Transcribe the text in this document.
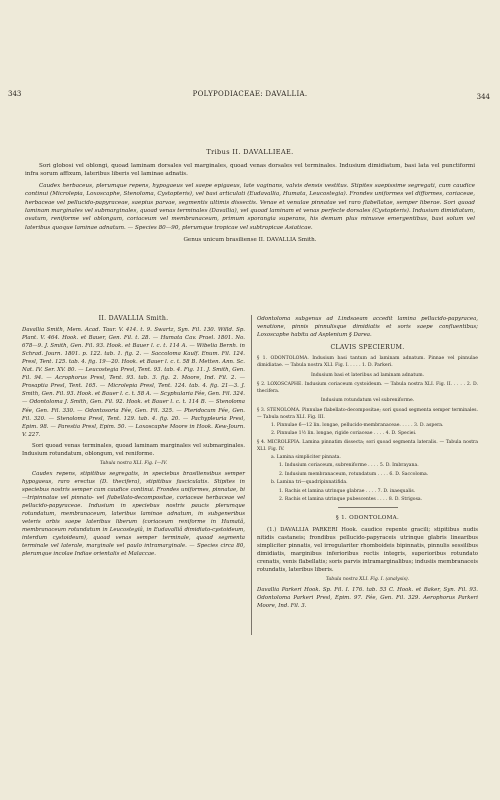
343	POLYPODIACEAE: DAVALLIA.	344
Tribus II. DAVALLIEAE.

Sori globosi vel oblongi, quoad laminam dorsales vel marginales, quoad venas dorsales vel terminales. Indusium dimidiatum, basi lata vel punctiformi infra sorum affixum, lateribus liberis vel laminae adnatis.

Caudex herbaceus, plerumque repens, hypogaeus vel saepe epigaeus, late vaginans, valvis densis vestitus. Stipites saepissime segregati, cum caudice continui (Microlepia, Loxoscaphe, Stenoloma, Cystopteris), vel basi articulati (Eudavallia, Humata, Leucostegia). Frondes uniformes vel difformes, coriaceae, herbaceae vel pellucido-papyraceae, saepius parvae, segmentis ultimis dissectis. Venae et venulae pinnatae vel raro flabellatae, semper liberae. Sori quoad laminam marginales vel submarginales, quoad venas terminales (Davallia), vel quoad laminam et venas perfecte dorsales (Cystopteris). Indusium dimidiatum, ovatum, reniforme vel oblongum, coriaceum vel membranaceum, primum sporangia superans, his demum plus minusve emergentibus, basi solum vel lateribus quoque laminae adnatum. — Species 80—90, plerumque tropicae vel subtropicae Asiaticae.

Genus unicum brasiliense II. DAVALLIA Smith.

II. DAVALLIA Smith.

Davallia Smith, Mem. Acad. Taur. V. 414. t. 9. Swartz, Syn. Fil. 130. Willd. Sp. Plant. V. 464. Hook. et Bauer, Gen. Fil. t. 28. — Humata Cav. Prael. 1801. No. 678—9. J. Smith, Gen. Fil. 93. Hook. et Bauer l. c. t. 114 A. — Wibelia Bernh. in Schrad. Journ. 1801. p. 122. tab. 1. fig. 2. — Saccoloma Kaulf. Enum. Fil. 124. Presl, Tent. 125. tab. 4. fig. 19—20. Hook. et Bauer l. c. t. 58 B. Metten. Ann. Sc. Nat. IV. Ser. XV. 80. — Leucostegia Presl, Tent. 93. tab. 4. Fig. 11. J. Smith, Gen. Fil. 94. — Acrophorus Presl, Tent. 93. tab. 3. fig. 2. Moore, Ind. Fil. 2. — Prosaptia Presl, Tent. 165. — Microlepia Presl, Tent. 124. tab. 4. fig. 21—3. J. Smith, Gen. Fil. 93. Hook. et Bauer l. c. t. 58 A. — Scyphularia Fée, Gen. Fil. 324. — Odontoloma J. Smith, Gen. Fil. 92. Hook. et Bauer l. c. t. 114 B. — Stenoloma Fée, Gen. Fil. 330. — Odontosoria Fée, Gen. Fil. 325. — Pteridocum Fée, Gen. Fil. 320. — Stenoloma Presl, Tent. 129. tab. 4. fig. 20. — Pachypleuria Presl, Epim. 98. — Parestia Presl, Epim. 50. — Loxoscaphe Moore in Hook. Kew-Journ. V. 227.

Sori quoad venas terminales, quoad laminam marginales vel submarginales. Indusium rotundatum, oblongum, vel reniforme.

Tabula nostra XLI. Fig. I—IV.

Caudex repens, stipitibus segregatis, in speciebus brasiliensibus semper hypogaeus, raro erectus (D. thecifera), stipitibus fasciculatis. Stipites in speciebus nostris semper cum caudice continui. Frondes uniformes, pinnatae, bi—tripinnatae vel pinnato- vel flabellato-decompositae, coriaceae herbaceae vel pellucido-papyraceae. Indusium in speciebus nostris paucis plerumque rotundatum, membranaceum, lateribus laminae adnatum, in subgeneribus veteris orbis saepe lateribus liberum (coriaceum reniforme in Humatâ, membranaceum rotundatum in Leucostegiâ, in Eudavalliâ dimidiato-cystoideum, interdum cystoideum), quoad venas semper terminale, quoad segmenta terminale vel laterale, marginale vel paulo intramarginale. — Species circa 80, plerumque incolae Indiae orientalis et Malaccae.

Odontoloma subgenus ad Lindsaeam accedit lamina pellucido-papyracea, venatione, pinnis pinnulisque dimidiatis et soris saepe confluentibus; Loxoscaphe habitu ad Asplenium § Darea.

CLAVIS SPECIERUM.
§ 1. ODONTOLOMA. Indusium basi tantum ad laminam adnatum. Pinnae vel pinnulae dimidiatae. — Tabula nostra XLI. Fig. I. . . . . 1. D. Parkeri.
Indusium basi et lateribus ad laminam adnatum.
§ 2. LOXOSCAPHE. Indusium coriaceum cystoideum. — Tabula nostra XLI. Fig. II. . . . . 2. D. thecifera.
Indusium rotundatum vel subreniforme.
§ 3. STENOLOMA. Pinnulae flabellato-decompositae; sori quoad segmenta semper terminales. — Tabula nostra XLI. Fig. III.
1. Pinnulae 6—12 lin. longae, pellucido-membranaceae. . . . . 3. D. aspera.
2. Pinnulae 1½ lin. longae, rigide coriaceae . . . . 4. D. Speciei.
§ 4. MICROLEPIA. Lamina pinnatim dissecta; sori quoad segmenta lateralis. — Tabula nostra XLI. Fig. IV.
a. Lamina simpliciter pinnata.
1. Indusium coriaceum, subreniforme . . . . 5. D. Imbrayana.
2. Indusium membranaceum, rotundatum . . . . 6. D. Saccoloma.
b. Lamina tri—quadripinnatifida.
1. Rachis et lamina utrinque glabrae . . . . 7. D. inaequalis.
2. Rachis et lamina utrinque pubescentes . . . . 8. D. Strigosa.
§ 1. ODONTOLOMA.

(1.) DAVALLIA PARKERI Hook. caudice repente gracili; stipitibus nudis nitidis castaneis; frondibus pellucido-papyraceis utrinque glabris linearibus simpliciter pinnatis, vel irregulariter rhomboideis bipinnatis, pinnulis sessilibus dimidiatis, marginibus inferioribus rectis integris, superioribus rotundato crenatis, venis flabellatis; soris parvis intramarginalibus; indusiis membranaceis rotundatis, lateribus liberis.

Tabula nostra XLI. Fig. I. (analysis).

Davallia Parkeri Hook. Sp. Fil. I. 176. tab. 53 C. Hook. et Baker, Syn. Fil. 93. Odontoloma Parkeri Presl, Epim. 97. Fée, Gen. Fil. 329. Aerophorus Parkeri Moore, Ind. Fil. 3.
